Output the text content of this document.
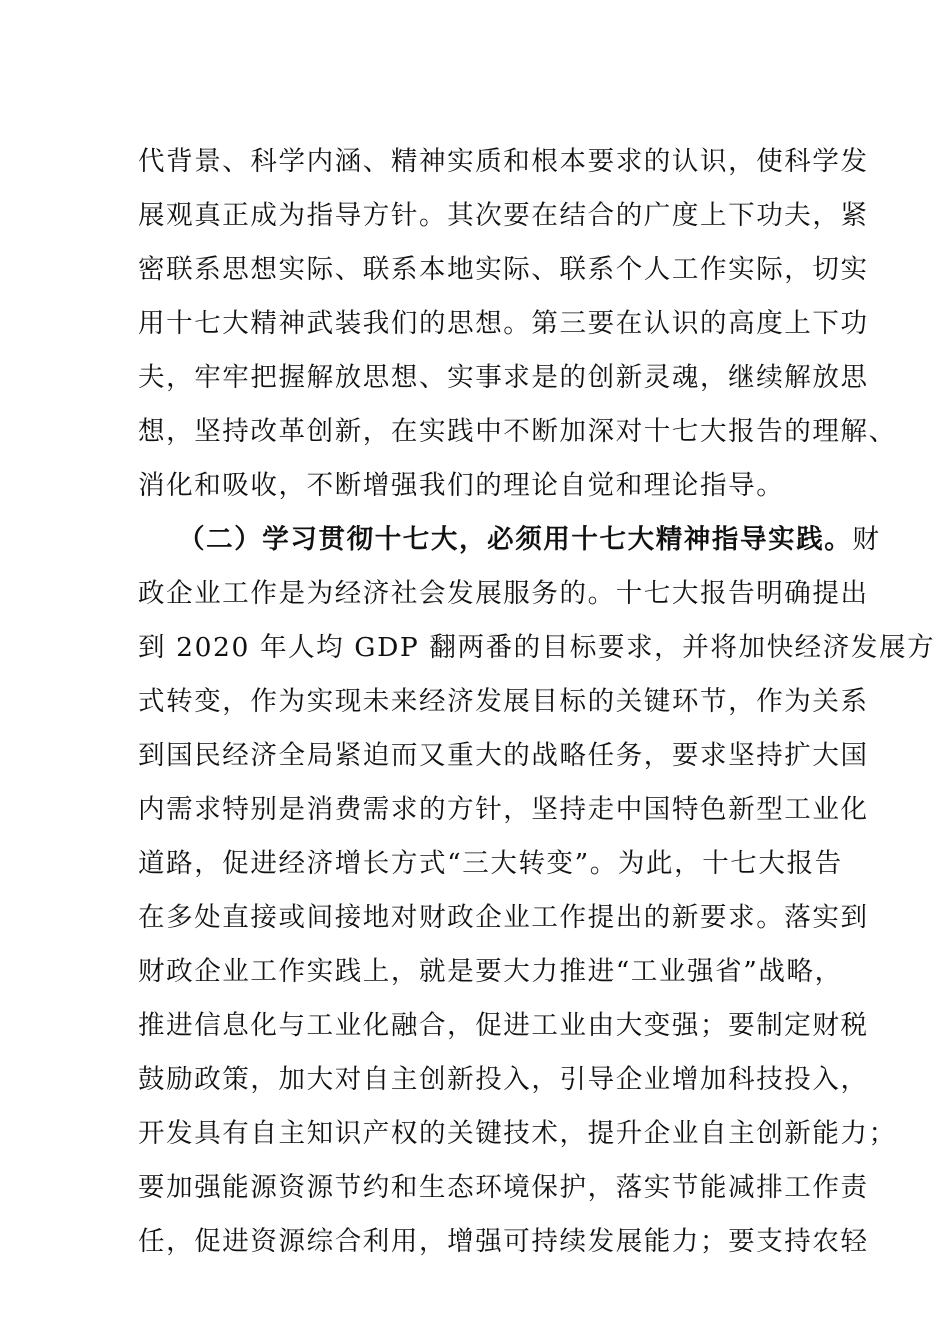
代背景、科学内涵、精神实质和根本要求的认识，使科学发
展观真正成为指导方针。其次要在结合的广度上下功夫，紧
密联系思想实际、联系本地实际、联系个人工作实际，切实
用十七大精神武装我们的思想。第三要在认识的高度上下功
夫，牢牢把握解放思想、实事求是的创新灵魂，继续解放思
想，坚持改革创新，在实践中不断加深对十七大报告的理解、
消化和吸收，不断增强我们的理论自觉和理论指导。
（二）学习贯彻十七大，必须用十七大精神指导实践。财
政企业工作是为经济社会发展服务的。十七大报告明确提出
到 2020 年人均 GDP 翻两番的目标要求，并将加快经济发展方
式转变，作为实现未来经济发展目标的关键环节，作为关系
到国民经济全局紧迫而又重大的战略任务，要求坚持扩大国
内需求特别是消费需求的方针，坚持走中国特色新型工业化
道路，促进经济增长方式“三大转变”。为此，十七大报告
在多处直接或间接地对财政企业工作提出的新要求。落实到
财政企业工作实践上，就是要大力推进“工业强省”战略，
推进信息化与工业化融合，促进工业由大变强；要制定财税
鼓励政策，加大对自主创新投入，引导企业增加科技投入，
开发具有自主知识产权的关键技术，提升企业自主创新能力；
要加强能源资源节约和生态环境保护，落实节能减排工作责
任，促进资源综合利用，增强可持续发展能力；要支持农轻
